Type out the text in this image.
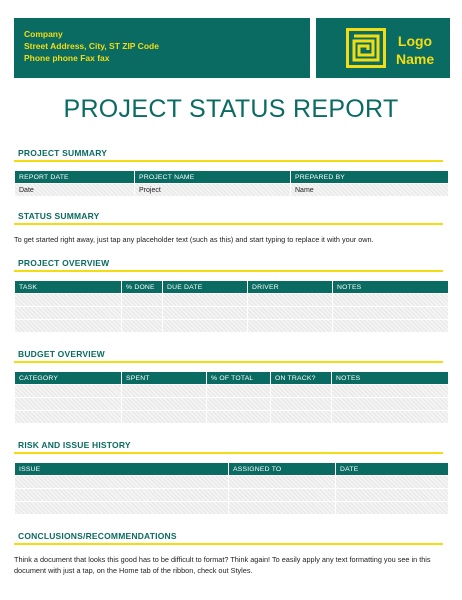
Company
Street Address, City, ST ZIP Code
Phone phone Fax fax
Logo
Name
PROJECT STATUS REPORT
PROJECT SUMMARY
REPORT DATE	PROJECT NAME	PREPARED BY
Date	Project	Name
STATUS SUMMARY
To get started right away, just tap any placeholder text (such as this) and start typing to replace it with your own.
PROJECT OVERVIEW
TASK	% DONE	DUE DATE	DRIVER	NOTES

BUDGET OVERVIEW
CATEGORY	SPENT	% OF TOTAL	ON TRACK?	NOTES

RISK AND ISSUE HISTORY
ISSUE	ASSIGNED TO	DATE

CONCLUSIONS/RECOMMENDATIONS
Think a document that looks this good has to be difficult to format? Think again! To easily apply any text formatting you see in this document with just a tap, on the Home tab of the ribbon, check out Styles.
